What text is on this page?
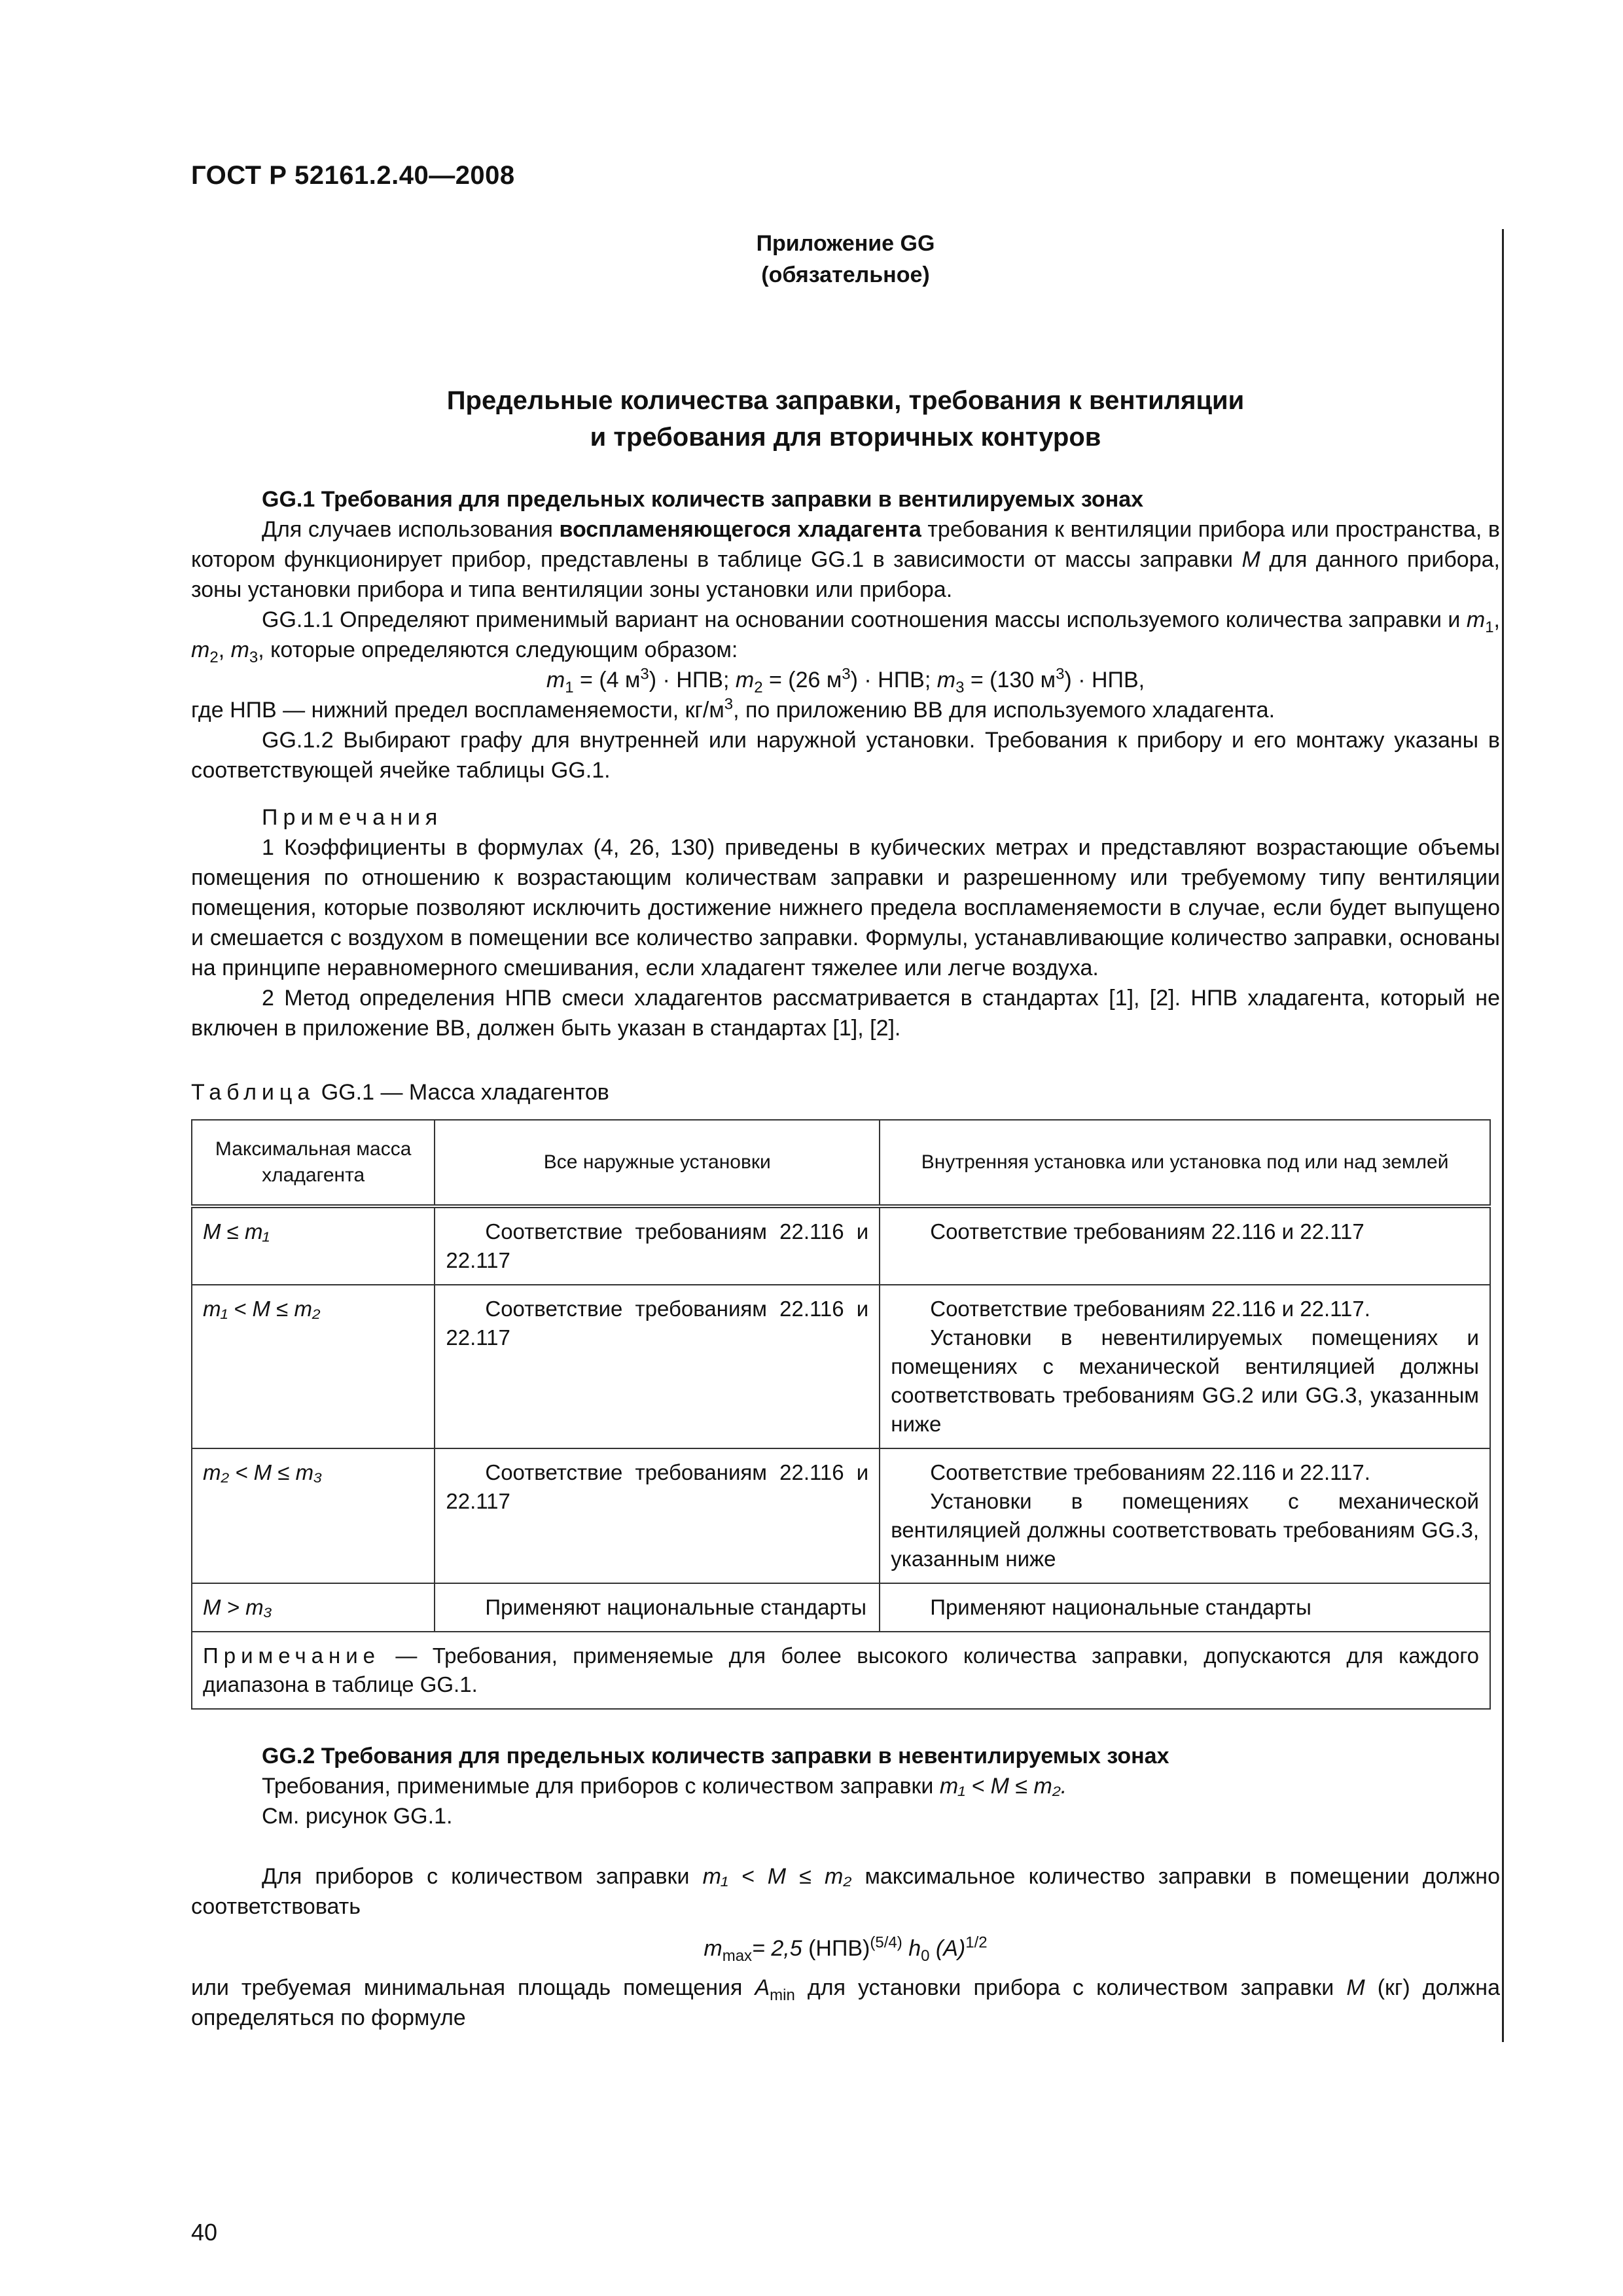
ГОСТ Р 52161.2.40—2008
Приложение GG
(обязательное)
Предельные количества заправки, требования к вентиляции
и требования для вторичных контуров

GG.1 Требования для предельных количеств заправки в вентилируемых зонах

Для случаев использования воспламеняющегося хладагента требования к вентиляции прибора или пространства, в котором функционирует прибор, представлены в таблице GG.1 в зависимости от массы заправки M для данного прибора, зоны установки прибора и типа вентиляции зоны установки или прибора.

GG.1.1 Определяют применимый вариант на основании соотношения массы используемого количества заправки и $m_1$, $m_2$, $m_3$, которые определяются следующим образом:

$m_1 = (4$ $м^3$) · НПВ; $m_2 = (26$ $м^3$) · НПВ; $m_3 = (130$ $м^3$) · НПВ,

где НПВ — нижний предел воспламеняемости, $кг/м^3$, по приложению ВВ для используемого хладагента.

GG.1.2 Выбирают графу для внутренней или наружной установки. Требования к прибору и его монтажу указаны в соответствующей ячейке таблицы GG.1.

Примечания

1 Коэффициенты в формулах (4, 26, 130) приведены в кубических метрах и представляют возрастающие объемы помещения по отношению к возрастающим количествам заправки и разрешенному или требуемому типу вентиляции помещения, которые позволяют исключить достижение нижнего предела воспламеняемости в случае, если будет выпущено и смешается с воздухом в помещении все количество заправки. Формулы, устанавливающие количество заправки, основаны на принципе неравномерного смешивания, если хладагент тяжелее или легче воздуха.

2 Метод определения НПВ смеси хладагентов рассматривается в стандартах [1], [2]. НПВ хладагента, который не включен в приложение ВВ, должен быть указан в стандартах [1], [2].

Таблица GG.1 — Масса хладагентов

Максимальная масса хладагента	Все наружные установки	Внутренняя установка или установка под или над землей
M ≤ m₁	Соответствие требованиям 22.116 и 22.117	Соответствие требованиям 22.116 и 22.117

m₁ < M ≤ m₂	Соответствие требованиям 22.116 и 22.117	Соответствие требованиям 22.116 и 22.117.
Установки в невентилируемых помещениях и помещениях с механической вентиляцией должны соответствовать требованиям GG.2 или GG.3, указанным ниже

m₂ < M ≤ m₃	Соответствие требованиям 22.116 и 22.117	Соответствие требованиям 22.116 и 22.117.
Установки в помещениях с механической вентиляцией должны соответствовать требованиям GG.3, указанным ниже

M > m₃	Применяют национальные стандарты	Применяют национальные стандарты

Примечание — Требования, применяемые для более высокого количества заправки, допускаются для каждого диапазона в таблице GG.1.		

GG.2 Требования для предельных количеств заправки в невентилируемых зонах

Требования, применимые для приборов с количеством заправки m₁ < M ≤ m₂.

См. рисунок GG.1.

Для приборов с количеством заправки m₁ < M ≤ m₂ максимальное количество заправки в помещении должно соответствовать

$m_{max}= 2,5$ (НПВ)$^{(5/4)}$ $h_0$ $(A)^{1/2}$

или требуемая минимальная площадь помещения $A_{min}$ для установки прибора с количеством заправки M (кг) должна определяться по формуле

40
